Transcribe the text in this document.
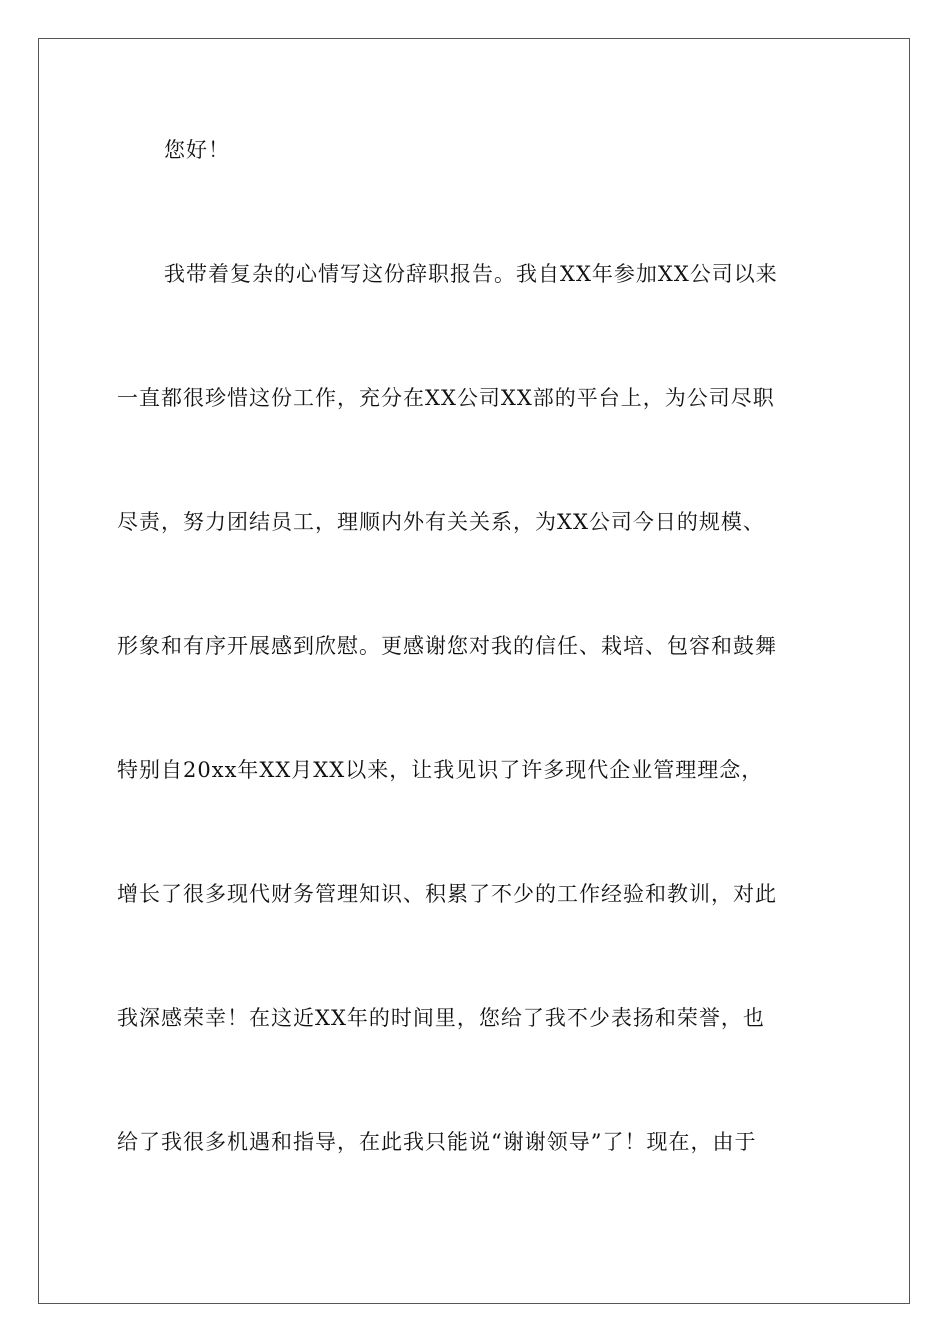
您好！
我带着复杂的心情写这份辞职报告。我自XX年参加XX公司以来
一直都很珍惜这份工作，充分在XX公司XX部的平台上，为公司尽职
尽责，努力团结员工，理顺内外有关关系，为XX公司今日的规模、
形象和有序开展感到欣慰。更感谢您对我的信任、栽培、包容和鼓舞
特别自20xx年XX月XX以来，让我见识了许多现代企业管理理念，
增长了很多现代财务管理知识、积累了不少的工作经验和教训，对此
我深感荣幸！在这近XX年的时间里，您给了我不少表扬和荣誉，也
给了我很多机遇和指导，在此我只能说“谢谢领导”了！现在，由于
